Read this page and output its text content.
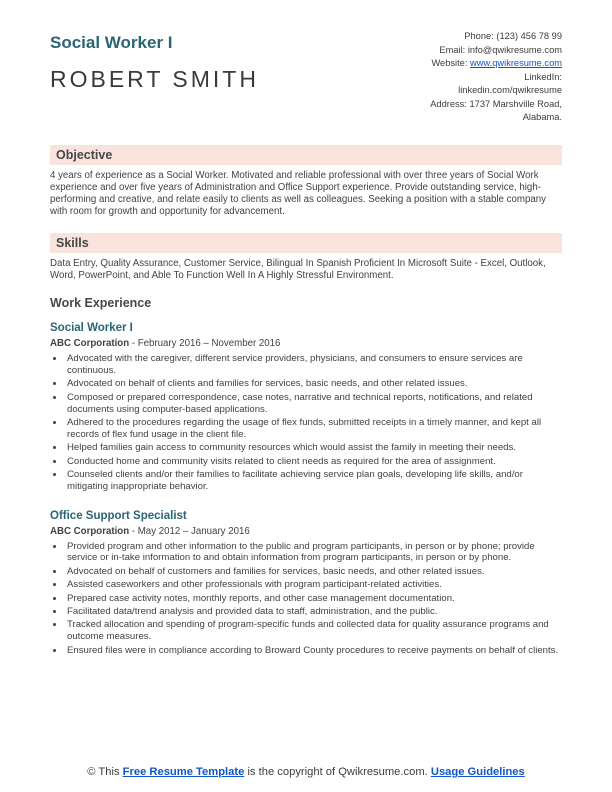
Social Worker I
ROBERT SMITH
Phone: (123) 456 78 99
Email: info@qwikresume.com
Website: www.qwikresume.com
LinkedIn:
linkedin.com/qwikresume
Address: 1737 Marshville Road,
Alabama.
Objective

4 years of experience as a Social Worker. Motivated and reliable professional with over three years of Social Work experience and over five years of Administration and Office Support experience. Provide outstanding service, high-performing and creative, and relate easily to clients as well as colleagues. Seeking a position with a stable company with room for growth and opportunity for advancement.

Skills

Data Entry, Quality Assurance, Customer Service, Bilingual In Spanish Proficient In Microsoft Suite - Excel, Outlook, Word, PowerPoint, and Able To Function Well In A Highly Stressful Environment.

Work Experience
Social Worker I
ABC Corporation - February 2016 – November 2016
• Advocated with the caregiver, different service providers, physicians, and consumers to ensure services are continuous.
• Advocated on behalf of clients and families for services, basic needs, and other related issues.
• Composed or prepared correspondence, case notes, narrative and technical reports, notifications, and related documents using computer-based applications.
• Adhered to the procedures regarding the usage of flex funds, submitted receipts in a timely manner, and kept all records of flex fund usage in the client file.
• Helped families gain access to community resources which would assist the family in meeting their needs.
• Conducted home and community visits related to client needs as required for the area of assignment.
• Counseled clients and/or their families to facilitate achieving service plan goals, developing life skills, and/or mitigating inappropriate behavior.
Office Support Specialist
ABC Corporation - May 2012 – January 2016
• Provided program and other information to the public and program participants, in person or by phone; provide service or in-take information to and obtain information from program participants, in person or by phone.
• Advocated on behalf of customers and families for services, basic needs, and other related issues.
• Assisted caseworkers and other professionals with program participant-related activities.
• Prepared case activity notes, monthly reports, and other case management documentation.
• Facilitated data/trend analysis and provided data to staff, administration, and the public.
• Tracked allocation and spending of program-specific funds and collected data for quality assurance programs and outcome measures.
• Ensured files were in compliance according to Broward County procedures to receive payments on behalf of clients.
© This Free Resume Template is the copyright of Qwikresume.com. Usage Guidelines
